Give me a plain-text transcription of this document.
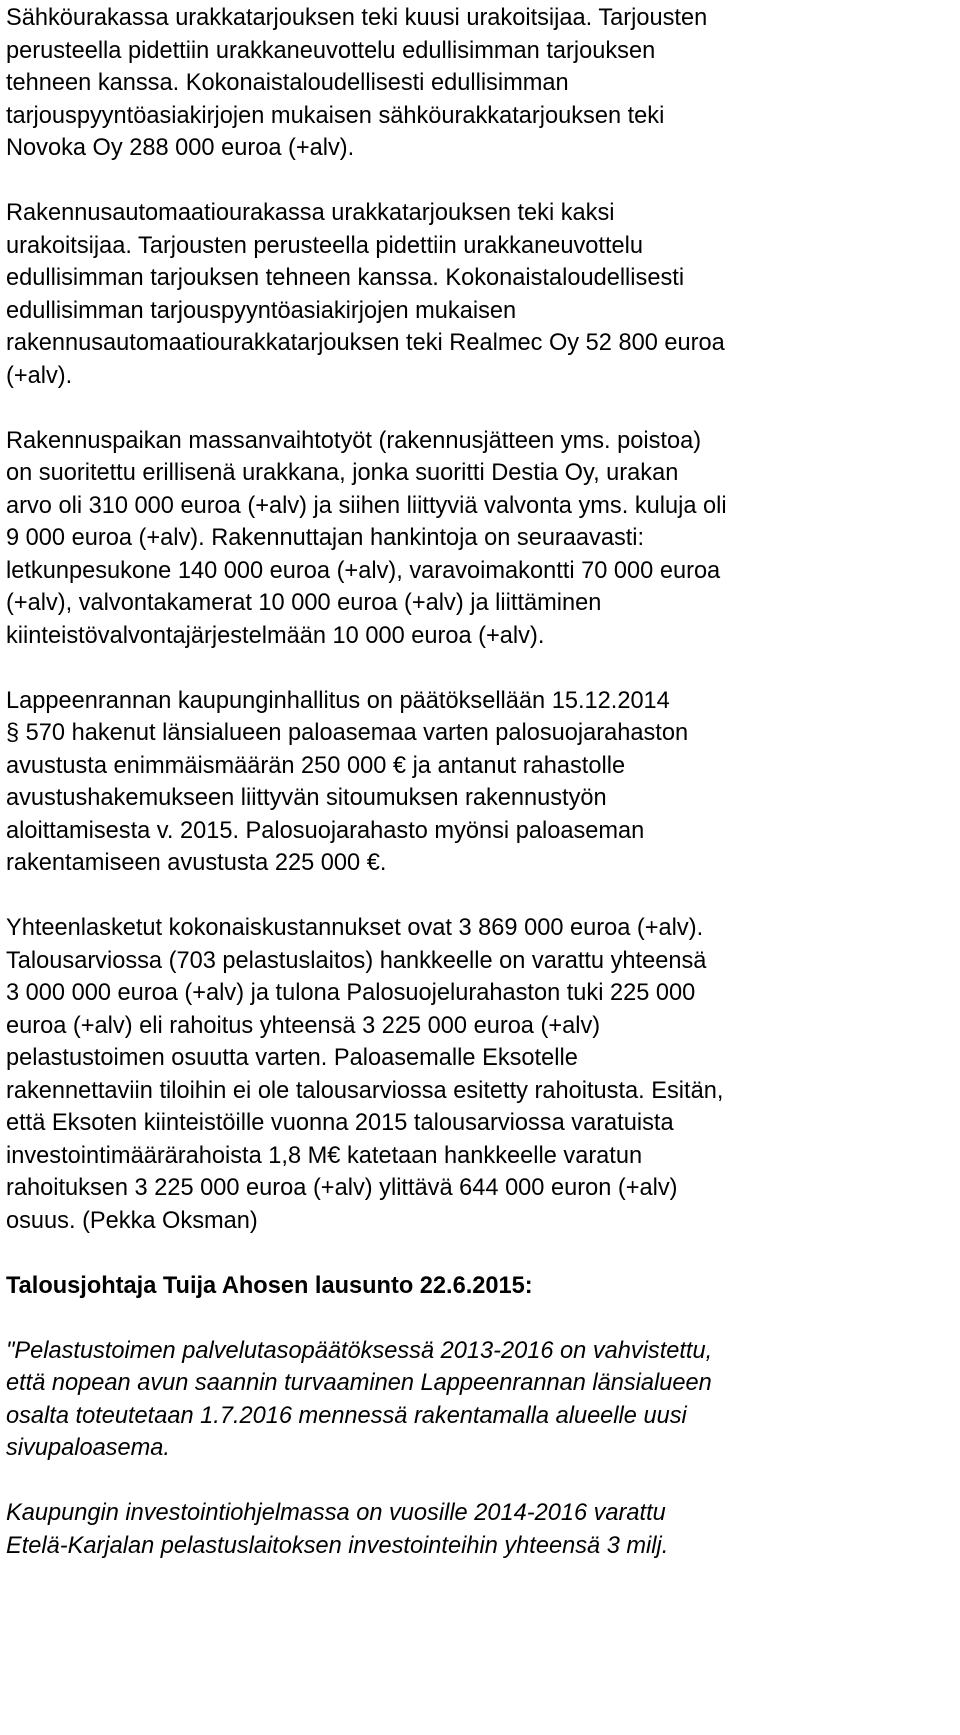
Sähköurakassa urakkatarjouksen teki kuusi urakoitsijaa. Tarjousten
perusteella pidettiin urakkaneuvottelu edullisimman tarjouksen
tehneen kanssa. Kokonaistaloudellisesti edullisimman
tarjouspyyntöasiakirjojen mukaisen sähköurakkatarjouksen teki
Novoka Oy 288 000 euroa (+alv).
Rakennusautomaatiourakassa urakkatarjouksen teki kaksi
urakoitsijaa. Tarjousten perusteella pidettiin urakkaneuvottelu
edullisimman tarjouksen tehneen kanssa. Kokonaistaloudellisesti
edullisimman tarjouspyyntöasiakirjojen mukaisen
rakennusautomaatiourakkatarjouksen teki Realmec Oy 52 800 euroa
(+alv).
Rakennuspaikan massanvaihtotyöt (rakennusjätteen yms. poistoa)
on suoritettu erillisenä urakkana, jonka suoritti Destia Oy, urakan
arvo oli 310 000 euroa (+alv) ja siihen liittyviä valvonta yms. kuluja oli
9 000 euroa (+alv). Rakennuttajan hankintoja on seuraavasti:
letkunpesukone 140 000 euroa (+alv), varavoimakontti 70 000 euroa
(+alv), valvontakamerat 10 000 euroa (+alv) ja liittäminen
kiinteistövalvontajärjestelmään 10 000 euroa (+alv).
Lappeenrannan kaupunginhallitus on päätöksellään 15.12.2014
§ 570 hakenut länsialueen paloasemaa varten palosuojarahaston
avustusta enimmäismäärän 250 000 € ja antanut rahastolle
avustushakemukseen liittyvän sitoumuksen rakennustyön
aloittamisesta v. 2015. Palosuojarahasto myönsi paloaseman
rakentamiseen avustusta 225 000 €.
Yhteenlasketut kokonaiskustannukset ovat 3 869 000 euroa (+alv).
Talousarviossa (703 pelastuslaitos) hankkeelle on varattu yhteensä
3 000 000 euroa (+alv) ja tulona Palosuojelurahaston tuki 225 000
euroa (+alv) eli rahoitus yhteensä 3 225 000 euroa (+alv)
pelastustoimen osuutta varten. Paloasemalle Eksotelle
rakennettaviin tiloihin ei ole talousarviossa esitetty rahoitusta. Esitän,
että Eksoten kiinteistöille vuonna 2015 talousarviossa varatuista
investointimäärärahoista 1,8 M€ katetaan hankkeelle varatun
rahoituksen 3 225 000 euroa (+alv) ylittävä 644 000 euron (+alv)
osuus. (Pekka Oksman)
Talousjohtaja Tuija Ahosen lausunto 22.6.2015:
"Pelastustoimen palvelutasopäätöksessä 2013-2016 on vahvistettu,
että nopean avun saannin turvaaminen Lappeenrannan länsialueen
osalta toteutetaan 1.7.2016 mennessä rakentamalla alueelle uusi
sivupaloasema.
Kaupungin investointiohjelmassa on vuosille 2014-2016 varattu
Etelä-Karjalan pelastuslaitoksen investointeihin yhteensä 3 milj.
